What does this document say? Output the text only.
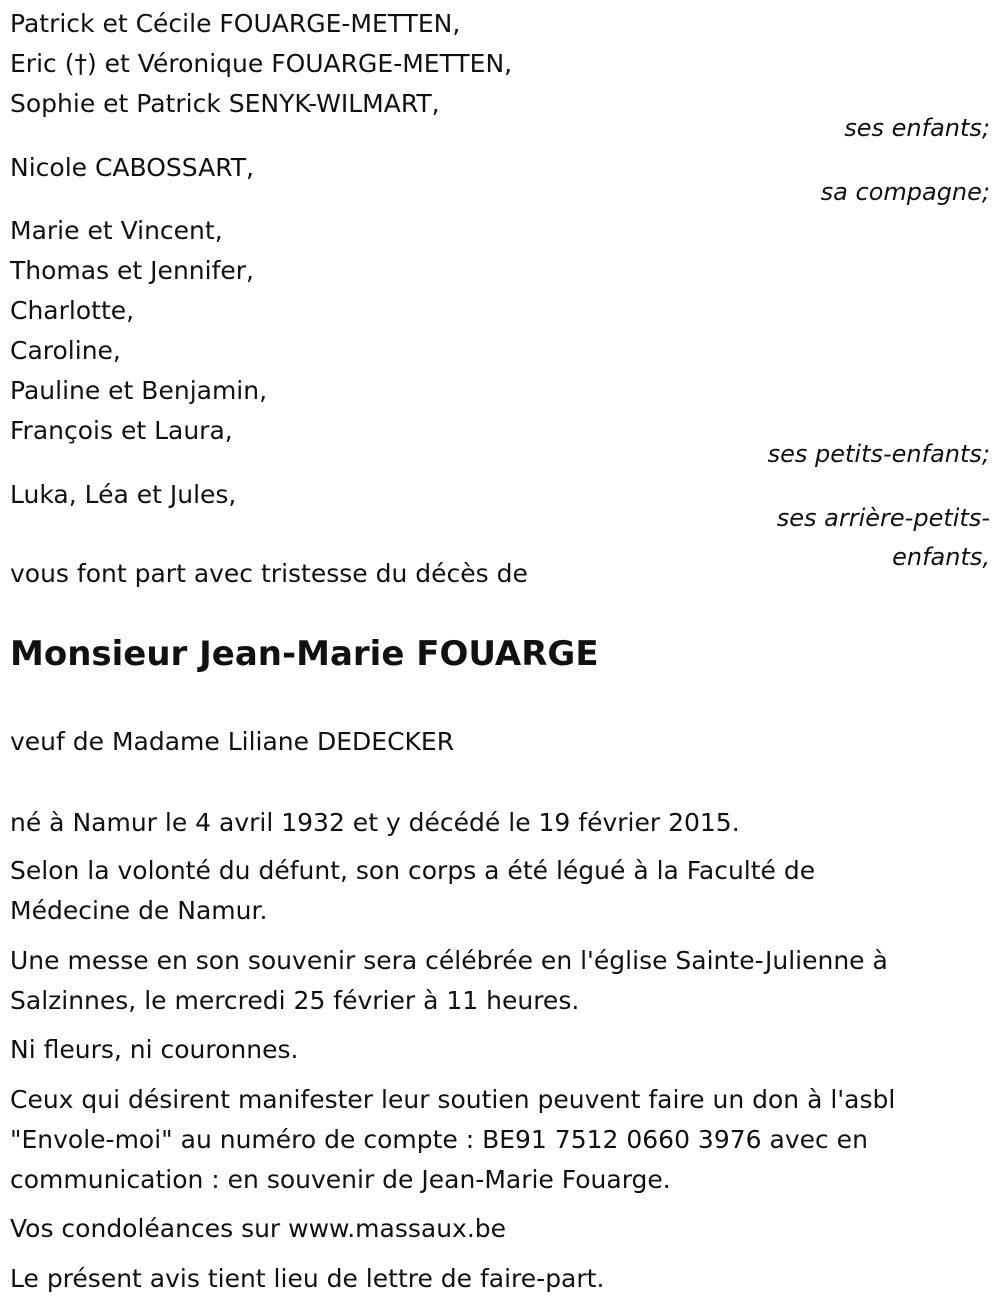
Patrick et Cécile FOUARGE-METTEN,
Eric (†) et Véronique FOUARGE-METTEN,
Sophie et Patrick SENYK-WILMART,
ses enfants;
Nicole CABOSSART,
sa compagne;
Marie et Vincent,
Thomas et Jennifer,
Charlotte,
Caroline,
Pauline et Benjamin,
François et Laura,
ses petits-enfants;
Luka, Léa et Jules,
ses arrière-petits-
enfants,
vous font part avec tristesse du décès de
Monsieur Jean-Marie FOUARGE
veuf de Madame Liliane DEDECKER
né à Namur le 4 avril 1932 et y décédé le 19 février 2015.
Selon la volonté du défunt, son corps a été légué à la Faculté de
Médecine de Namur.
Une messe en son souvenir sera célébrée en l'église Sainte-Julienne à
Salzinnes, le mercredi 25 février à 11 heures.
Ni fleurs, ni couronnes.
Ceux qui désirent manifester leur soutien peuvent faire un don à l'asbl
"Envole-moi" au numéro de compte : BE91 7512 0660 3976 avec en
communication : en souvenir de Jean-Marie Fouarge.
Vos condoléances sur www.massaux.be
Le présent avis tient lieu de lettre de faire-part.
